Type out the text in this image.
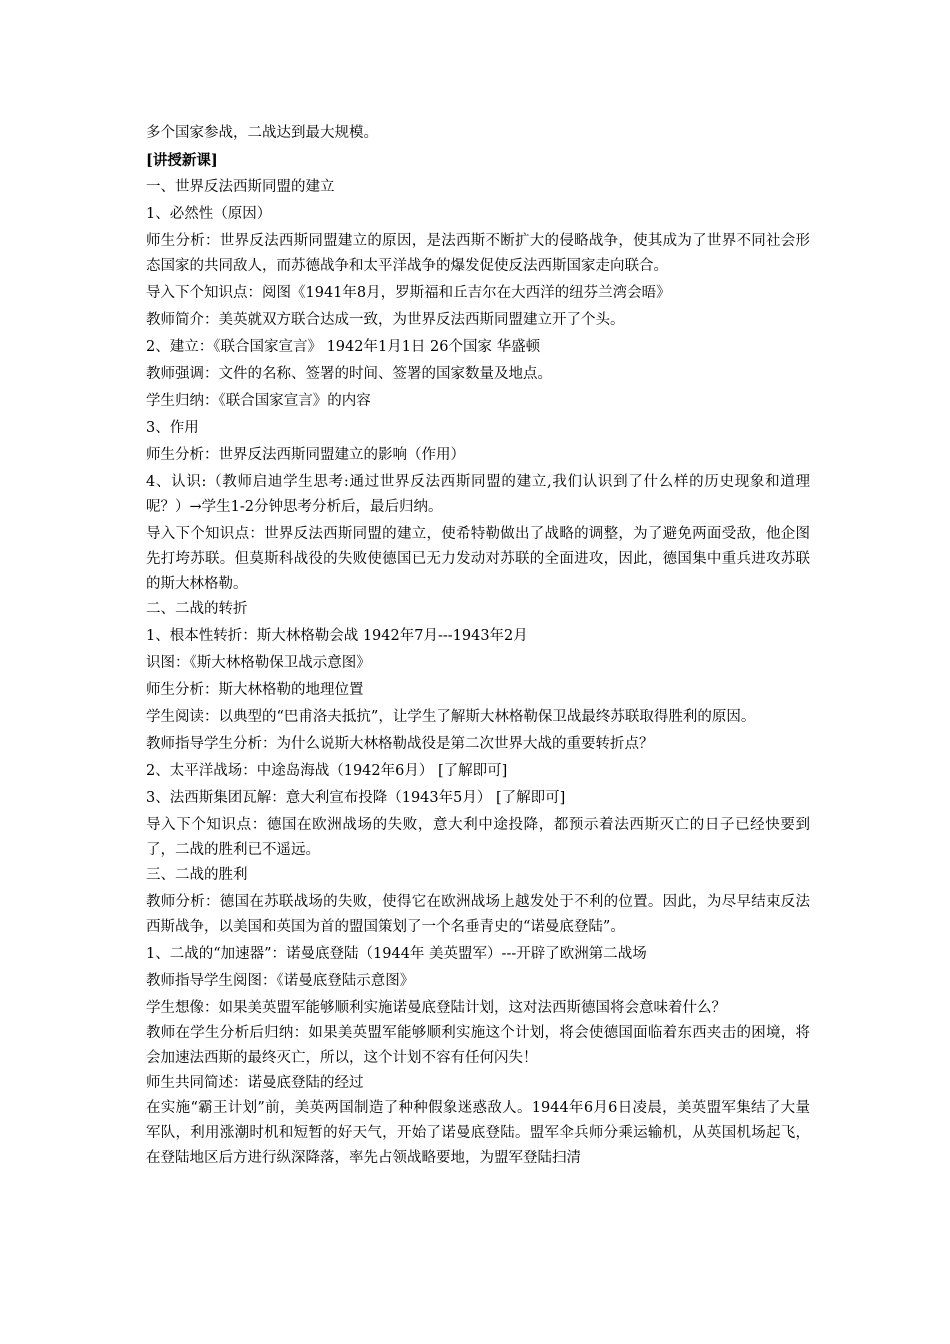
多个国家参战，二战达到最大规模。

[讲授新课]

一、世界反法西斯同盟的建立

1、必然性（原因）

师生分析：世界反法西斯同盟建立的原因，是法西斯不断扩大的侵略战争，使其成为了世界不同社会形态国家的共同敌人，而苏德战争和太平洋战争的爆发促使反法西斯国家走向联合。

导入下个知识点：阅图《1941年8月，罗斯福和丘吉尔在大西洋的纽芬兰湾会晤》

教师简介：美英就双方联合达成一致，为世界反法西斯同盟建立开了个头。

2、建立：《联合国家宣言》 1942年1月1日 26个国家 华盛顿

教师强调：文件的名称、签署的时间、签署的国家数量及地点。

学生归纳：《联合国家宣言》的内容

3、作用

师生分析：世界反法西斯同盟建立的影响（作用）

4、认识:（教师启迪学生思考:通过世界反法西斯同盟的建立,我们认识到了什么样的历史现象和道理呢？）→学生1-2分钟思考分析后，最后归纳。

导入下个知识点：世界反法西斯同盟的建立，使希特勒做出了战略的调整，为了避免两面受敌，他企图先打垮苏联。但莫斯科战役的失败使德国已无力发动对苏联的全面进攻，因此，德国集中重兵进攻苏联的斯大林格勒。

二、二战的转折

1、根本性转折：斯大林格勒会战 1942年7月---1943年2月

识图：《斯大林格勒保卫战示意图》

师生分析：斯大林格勒的地理位置

学生阅读：以典型的“巴甫洛夫抵抗”，让学生了解斯大林格勒保卫战最终苏联取得胜利的原因。

教师指导学生分析：为什么说斯大林格勒战役是第二次世界大战的重要转折点？

2、太平洋战场：中途岛海战（1942年6月） [了解即可]

3、法西斯集团瓦解：意大利宣布投降（1943年5月） [了解即可]

导入下个知识点：德国在欧洲战场的失败，意大利中途投降，都预示着法西斯灭亡的日子已经快要到了，二战的胜利已不遥远。

三、二战的胜利

教师分析：德国在苏联战场的失败，使得它在欧洲战场上越发处于不利的位置。因此，为尽早结束反法西斯战争，以美国和英国为首的盟国策划了一个名垂青史的“诺曼底登陆”。

1、二战的“加速器”：诺曼底登陆（1944年 美英盟军）---开辟了欧洲第二战场

教师指导学生阅图：《诺曼底登陆示意图》

学生想像：如果美英盟军能够顺利实施诺曼底登陆计划，这对法西斯德国将会意味着什么？

教师在学生分析后归纳：如果美英盟军能够顺利实施这个计划，将会使德国面临着东西夹击的困境，将会加速法西斯的最终灭亡，所以，这个计划不容有任何闪失！

师生共同简述：诺曼底登陆的经过

在实施“霸王计划”前，美英两国制造了种种假象迷惑敌人。1944年6月6日凌晨，美英盟军集结了大量军队，利用涨潮时机和短暂的好天气，开始了诺曼底登陆。盟军伞兵师分乘运输机，从英国机场起飞，在登陆地区后方进行纵深降落，率先占领战略要地，为盟军登陆扫清
